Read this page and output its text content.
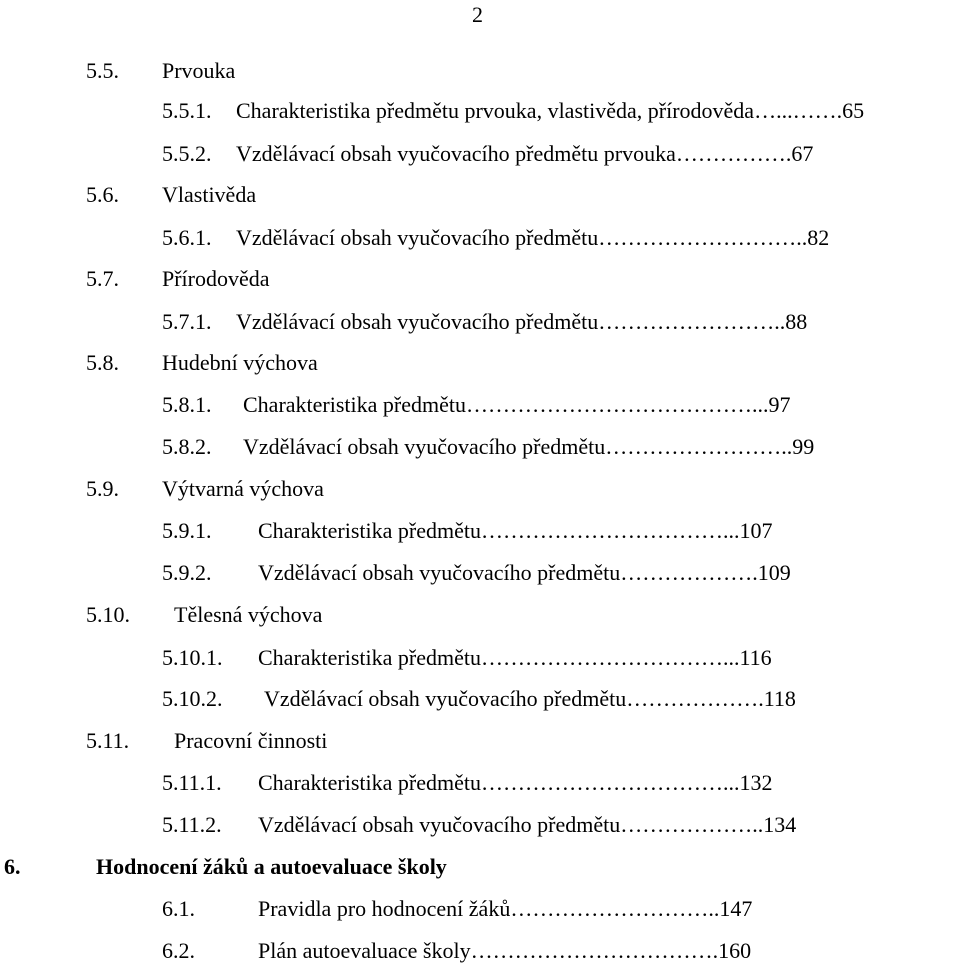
2
5.5. Prvouka
5.5.1. Charakteristika předmětu prvouka, vlastivěda, přírodověda…...…….65
5.5.2. Vzdělávací obsah vyučovacího předmětu prvouka…………….67
5.6. Vlastivěda
5.6.1. Vzdělávací obsah vyučovacího předmětu………………………..82
5.7. Přírodověda
5.7.1. Vzdělávací obsah vyučovacího předmětu……………………..88
5.8. Hudební výchova
5.8.1. Charakteristika předmětu…………………………………...97
5.8.2. Vzdělávací obsah vyučovacího předmětu……………………..99
5.9. Výtvarná výchova
5.9.1. Charakteristika předmětu……………………………...107
5.9.2. Vzdělávací obsah vyučovacího předmětu……………….109
5.10. Tělesná výchova
5.10.1. Charakteristika předmětu……………………………...116
5.10.2. Vzdělávací obsah vyučovacího předmětu……………….118
5.11. Pracovní činnosti
5.11.1. Charakteristika předmětu……………………………...132
5.11.2. Vzdělávací obsah vyučovacího předmětu………………..134
6.	Hodnocení žáků a autoevaluace školy
6.1.	Pravidla pro hodnocení žáků………………………..147
6.2.	Plán autoevaluace školy…………………………….160
